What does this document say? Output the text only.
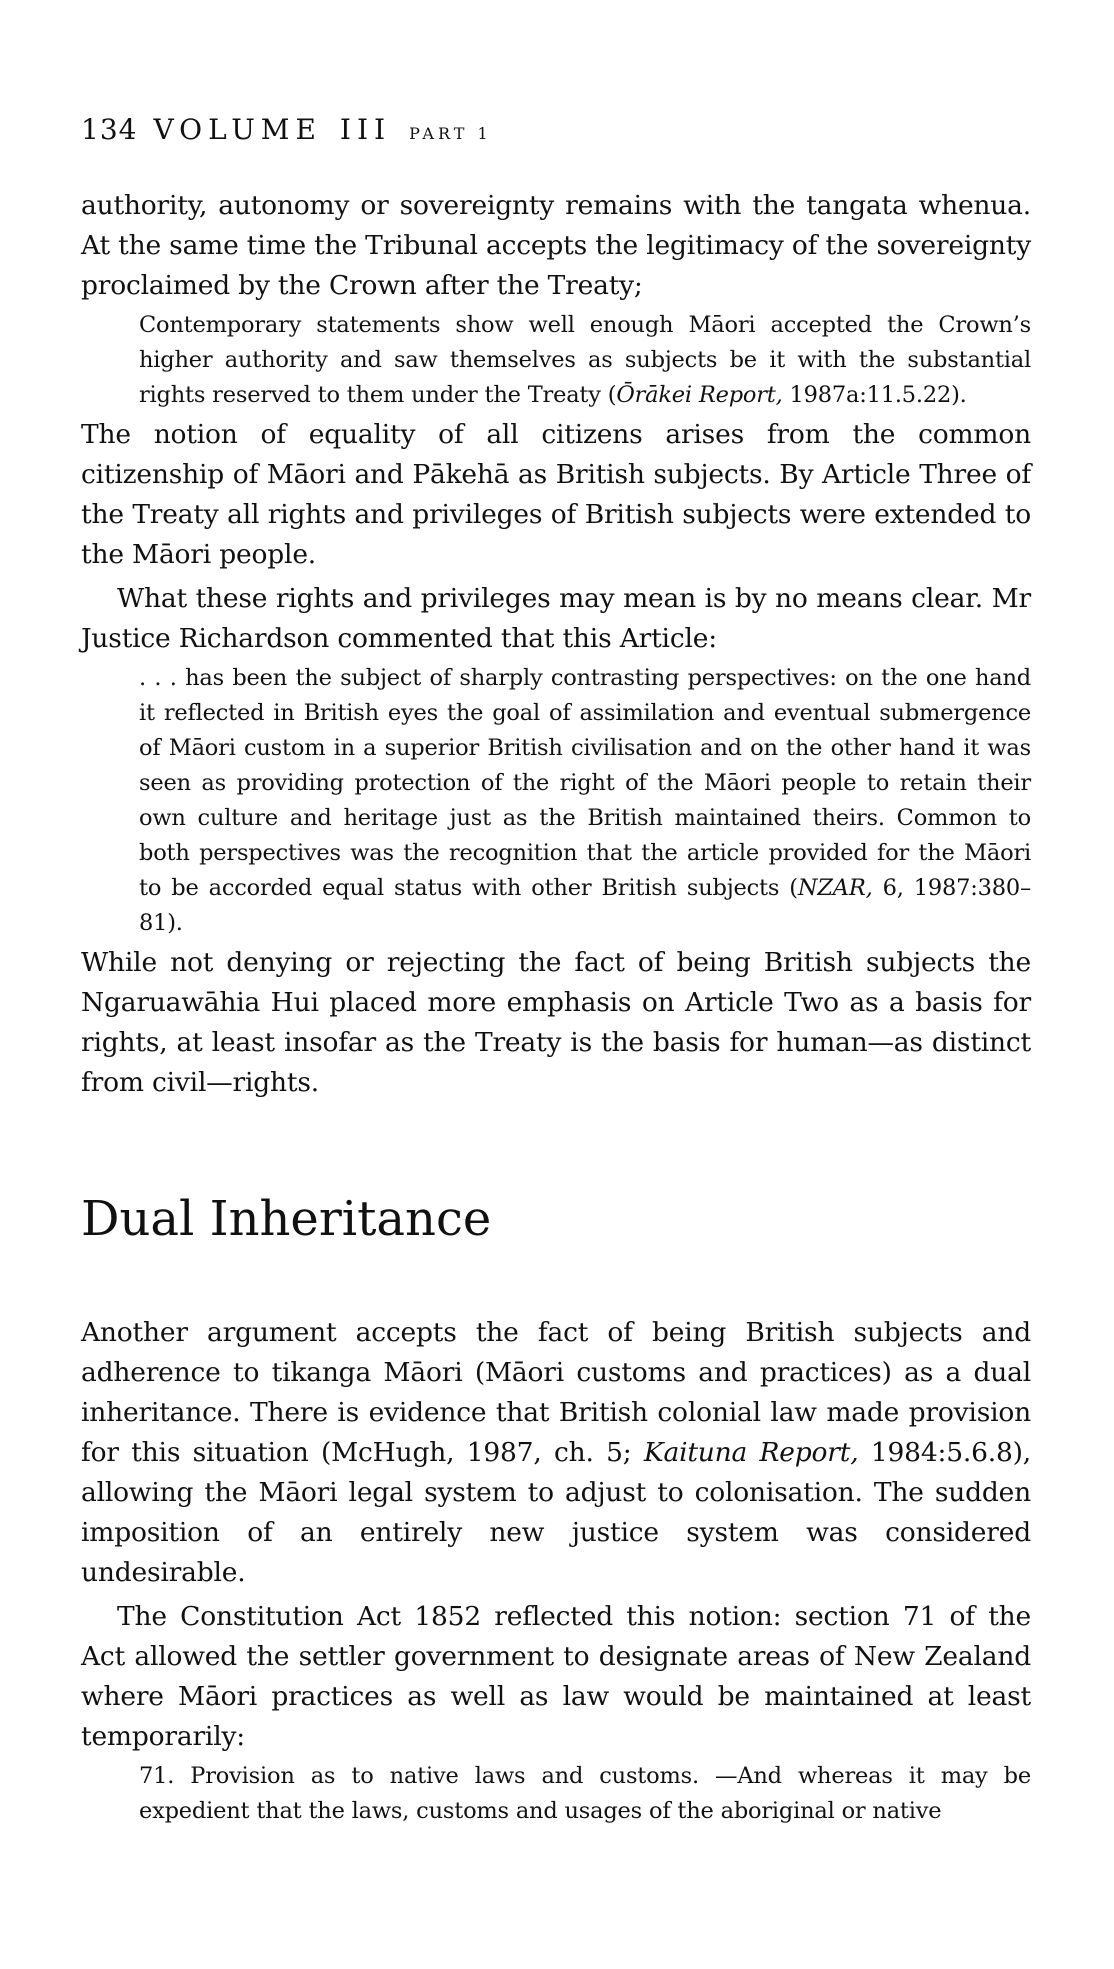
134 VOLUME III PART 1

authority, autonomy or sovereignty remains with the tangata whenua. At the same time the Tribunal accepts the legitimacy of the sovereignty proclaimed by the Crown after the Treaty;

Contemporary statements show well enough Māori accepted the Crown’s higher authority and saw themselves as subjects be it with the substantial rights reserved to them under the Treaty (Ōrākei Report, 1987a:11.5.22).

The notion of equality of all citizens arises from the common citizenship of Māori and Pākehā as British subjects. By Article Three of the Treaty all rights and privileges of British subjects were extended to the Māori people.

What these rights and privileges may mean is by no means clear. Mr Justice Richardson commented that this Article:

. . . has been the subject of sharply contrasting perspectives: on the one hand it reflected in British eyes the goal of assimilation and eventual submergence of Māori custom in a superior British civilisation and on the other hand it was seen as providing protection of the right of the Māori people to retain their own culture and heritage just as the British maintained theirs. Common to both perspectives was the recognition that the article provided for the Māori to be accorded equal status with other British subjects (NZAR, 6, 1987:380–81).

While not denying or rejecting the fact of being British subjects the Ngaruawāhia Hui placed more emphasis on Article Two as a basis for rights, at least insofar as the Treaty is the basis for human—as distinct from civil—rights.

Dual Inheritance

Another argument accepts the fact of being British subjects and adherence to tikanga Māori (Māori customs and practices) as a dual inheritance. There is evidence that British colonial law made provision for this situation (McHugh, 1987, ch. 5; Kaituna Report, 1984:5.6.8), allowing the Māori legal system to adjust to colonisation. The sudden imposition of an entirely new justice system was considered undesirable.

The Constitution Act 1852 reflected this notion: section 71 of the Act allowed the settler government to designate areas of New Zealand where Māori practices as well as law would be maintained at least temporarily:

71. Provision as to native laws and customs. —And whereas it may be expedient that the laws, customs and usages of the aboriginal or native
